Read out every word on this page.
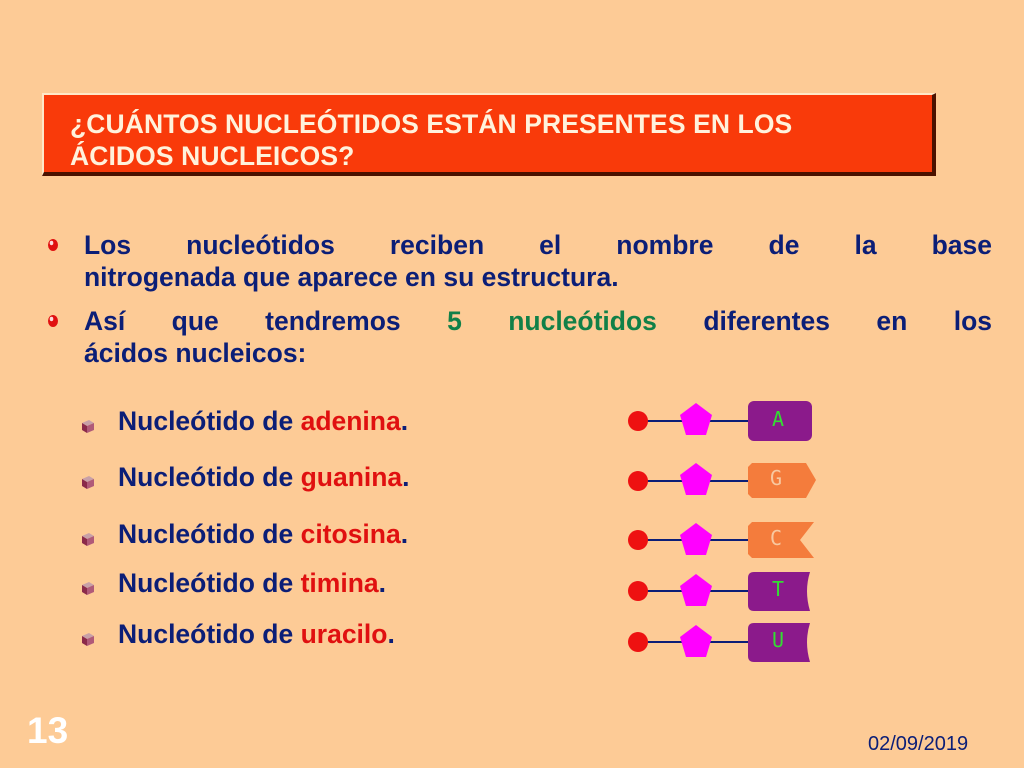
¿CUÁNTOS NUCLEÓTIDOS ESTÁN PRESENTES EN LOS
ÁCIDOS NUCLEICOS?
Los nucleótidos reciben el nombre de la base
nitrogenada que aparece en su estructura.
Así que tendremos 5 nucleótidos diferentes en los
ácidos nucleicos:
Nucleótido de adenina.
Nucleótido de guanina.
Nucleótido de citosina.
Nucleótido de timina.
Nucleótido de uracilo.
A
G
C
T
U
13	02/09/2019
